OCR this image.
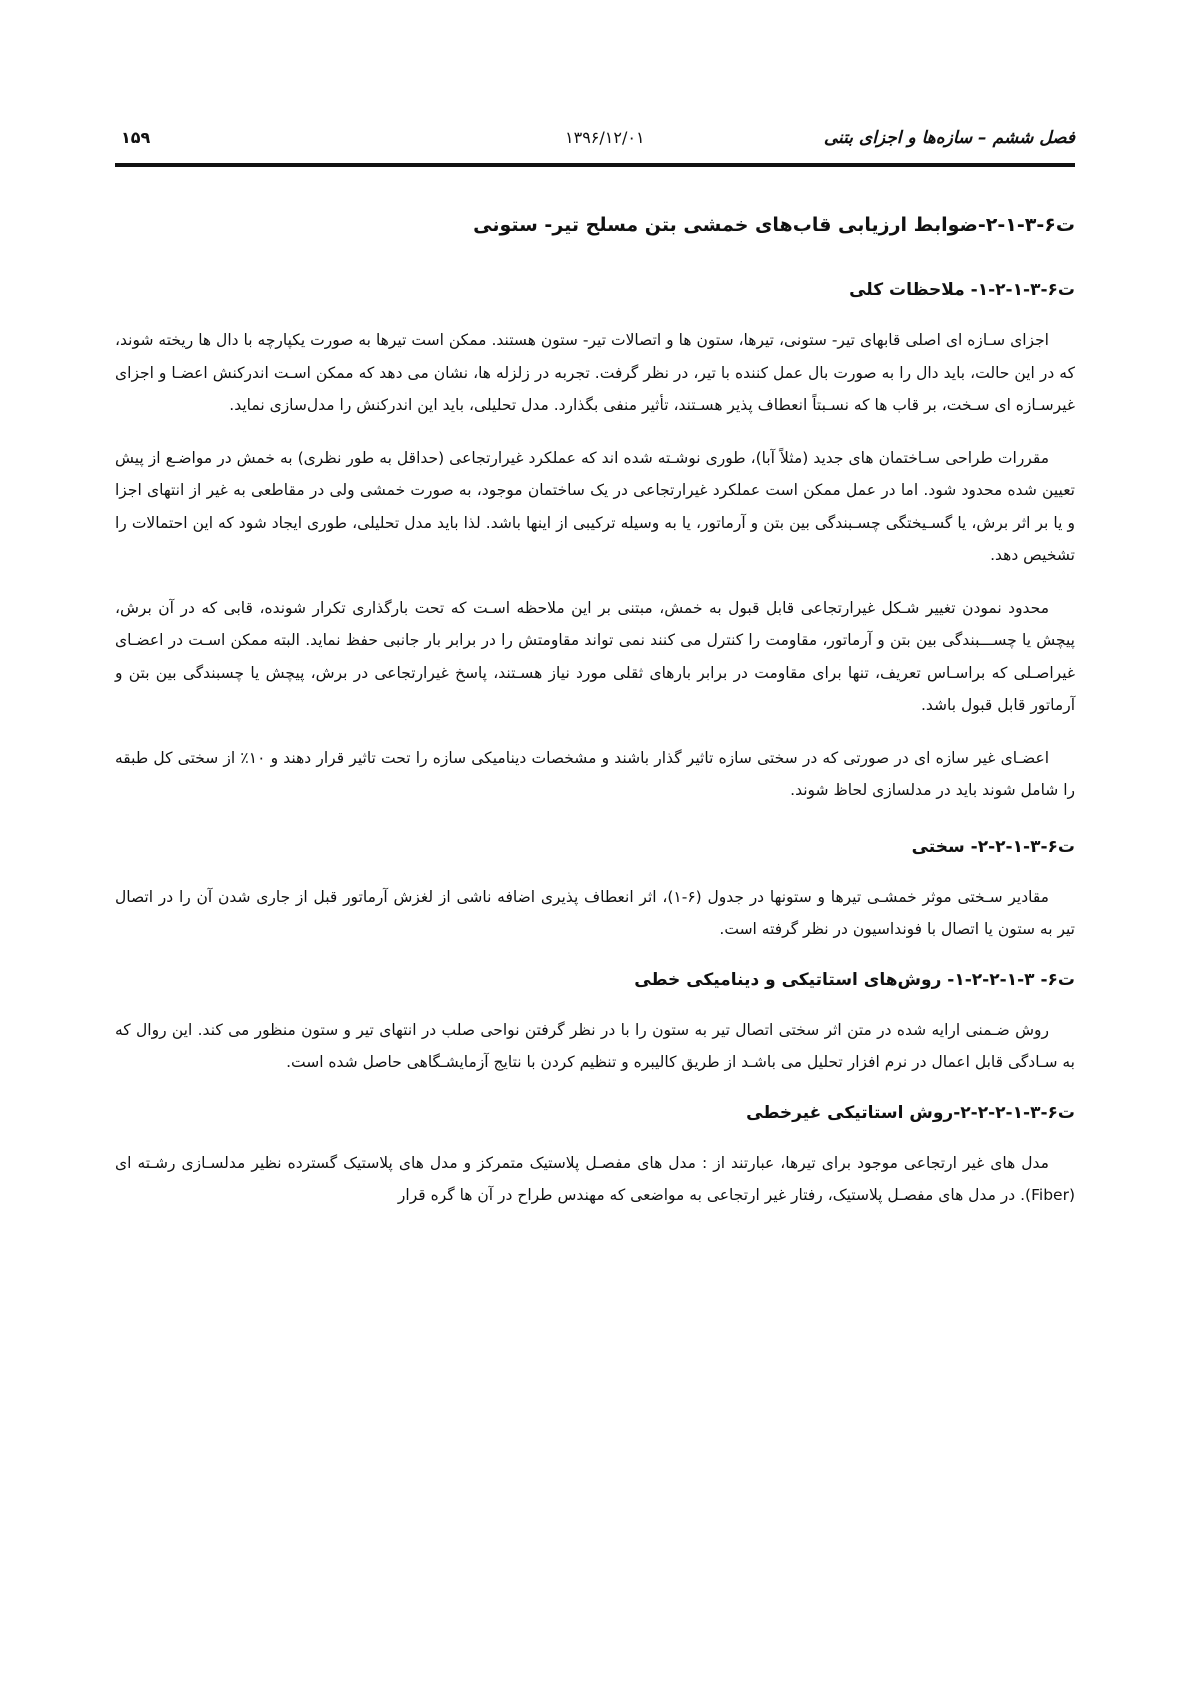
فصل ششم – سازه‌ها و اجزای بتنی
۱۳۹۶/۱۲/۰۱
۱۵۹
ت۶-۳-۱-۲-ضوابط ارزیابی قاب‌های خمشی بتن مسلح تیر- ستونی
ت۶-۳-۱-۲-۱- ملاحظات کلی

اجزای سـازه ای اصلی قابهای تیر- ستونی، تیرها، ستون ها و اتصالات تیر- ستون هستند. ممکن است تیرها به صورت یکپارچه با دال ها ریخته شوند، که در این حالت، باید دال را به صورت بال عمل کننده با تیر، در نظر گرفت. تجربه در زلزله ها، نشان می دهد که ممکن اسـت اندرکنش اعضـا و اجزای غیرسـازه ای سـخت، بر قاب ها که نسـبتاً انعطاف پذیر هسـتند، تأثیر منفی بگذارد. مدل تحلیلی، باید این اندرکنش را مدل‌سازی نماید.

مقررات طراحی سـاختمان های جدید (مثلاً آبا)، طوری نوشـته شده اند که عملکرد غیرارتجاعی (حداقل به طور نظری) به خمش در مواضـع از پیش تعیین شده محدود شود. اما در عمل ممکن است عملکرد غیرارتجاعی در یک ساختمان موجود، به صورت خمشی ولی در مقاطعی به غیر از انتهای اجزا و یا بر اثر برش، یا گسـیختگی چسـبندگی بین بتن و آرماتور، یا به وسیله ترکیبی از اینها باشد. لذا باید مدل تحلیلی، طوری ایجاد شود که این احتمالات را تشخیص دهد.

محدود نمودن تغییر شـکل غیرارتجاعی قابل قبول به خمش، مبتنی بر این ملاحظه اسـت که تحت بارگذاری تکرار شونده، قابی که در آن برش، پیچش یا چســـبندگی بین بتن و آرماتور، مقاومت را کنترل می کنند نمی تواند مقاومتش را در برابر بار جانبی حفظ نماید. البته ممکن اسـت در اعضـای غیراصـلی که براسـاس تعریف، تنها برای مقاومت در برابر بارهای ثقلی مورد نیاز هسـتند، پاسخ غیرارتجاعی در برش، پیچش یا چسبندگی بین بتن و آرماتور قابل قبول باشد.

اعضـای غیر سازه ای در صورتی که در سختی سازه تاثیر گذار باشند و مشخصات دینامیکی سازه را تحت تاثیر قرار دهند و ۱۰٪ از سختی کل طبقه را شامل شوند باید در مدلسازی لحاظ شوند.

ت۶-۳-۱-۲-۲- سختی

مقادیر سـختی موثر خمشـی تیرها و ستونها در جدول (۶-۱)، اثر انعطاف پذیری اضافه ناشی از لغزش آرماتور قبل از جاری شدن آن را در اتصال تیر به ستون یا اتصال با فونداسیون در نظر گرفته است.

ت۶- ۳-۱-۲-۲-۱- روش‌های استاتیکی و دینامیکی خطی

روش ضـمنی ارایه شده در متن اثر سختی اتصال تیر به ستون را با در نظر گرفتن نواحی صلب در انتهای تیر و ستون منظور می کند. این روال که به سـادگی قابل اعمال در نرم افزار تحلیل می باشـد از طریق کالیبره و تنظیم کردن با نتایج آزمایشـگاهی حاصل شده است.

ت۶-۳-۱-۲-۲-۲-روش استاتیکی غیرخطی

مدل های غیر ارتجاعی موجود برای تیرها، عبارتند از : مدل های مفصـل پلاستیک متمرکز و مدل های پلاستیک گسترده نظیر مدلسـازی رشـته ای (Fiber). در مدل های مفصـل پلاستیک، رفتار غیر ارتجاعی به مواضعی که مهندس طراح در آن ها گره قرار
